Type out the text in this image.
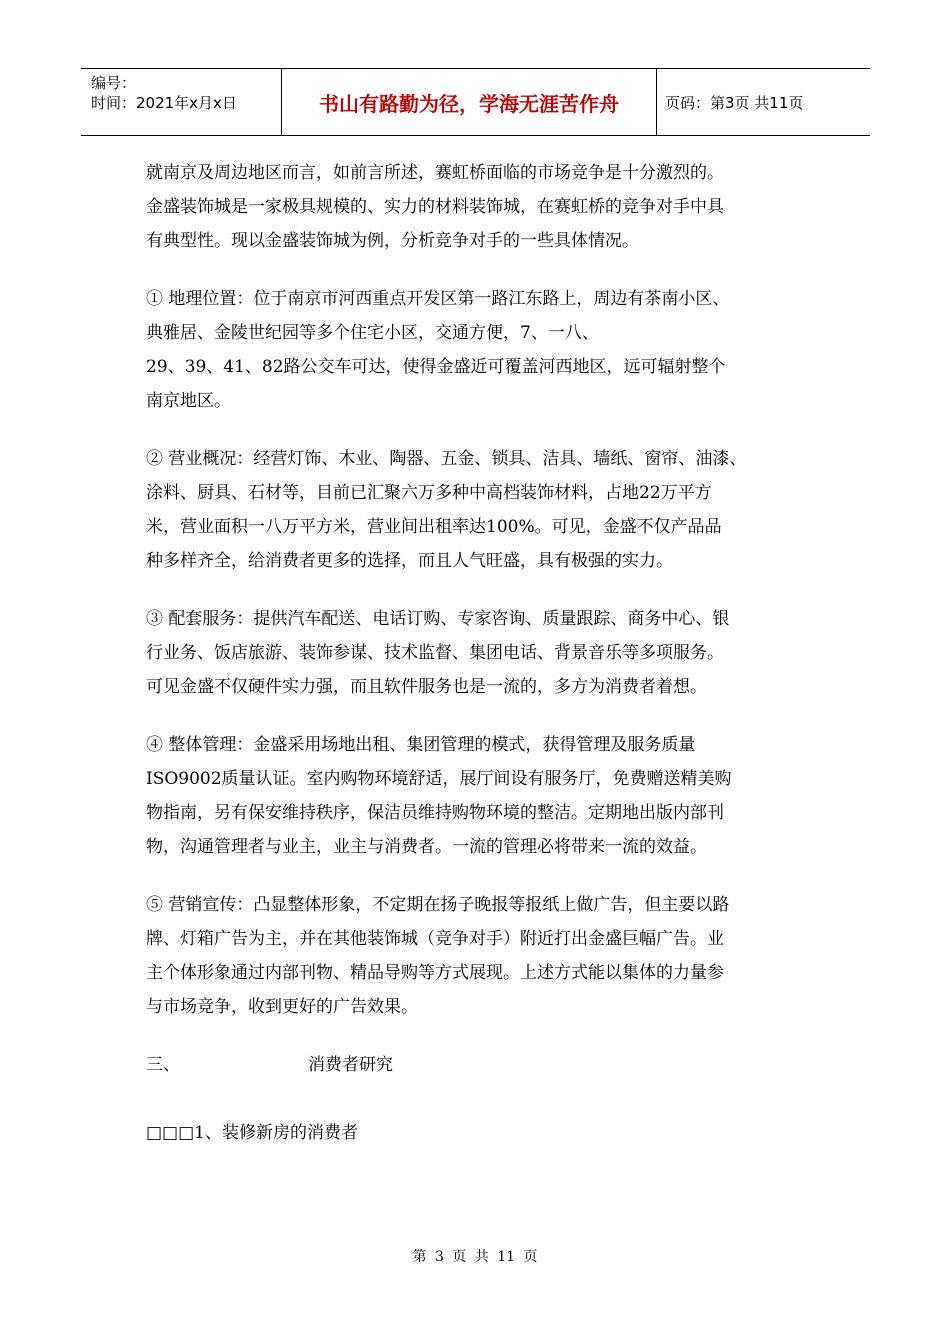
编号：
时间：2021年x月x日	书山有路勤为径，学海无涯苦作舟	页码：第3页 共11页

就南京及周边地区而言，如前言所述，赛虹桥面临的市场竞争是十分激烈的。
金盛装饰城是一家极具规模的、实力的材料装饰城，在赛虹桥的竞争对手中具
有典型性。现以金盛装饰城为例，分析竞争对手的一些具体情况。

① 地理位置：位于南京市河西重点开发区第一路江东路上，周边有茶南小区、
典雅居、金陵世纪园等多个住宅小区，交通方便，7、一八、
29、39、41、82路公交车可达，使得金盛近可覆盖河西地区，远可辐射整个
南京地区。

② 营业概况：经营灯饰、木业、陶器、五金、锁具、洁具、墙纸、窗帘、油漆、
涂料、厨具、石材等，目前已汇聚六万多种中高档装饰材料，占地22万平方
米，营业面积一八万平方米，营业间出租率达100%。可见，金盛不仅产品品
种多样齐全，给消费者更多的选择，而且人气旺盛，具有极强的实力。

③ 配套服务：提供汽车配送、电话订购、专家咨询、质量跟踪、商务中心、银
行业务、饭店旅游、装饰参谋、技术监督、集团电话、背景音乐等多项服务。
可见金盛不仅硬件实力强，而且软件服务也是一流的，多方为消费者着想。

④ 整体管理：金盛采用场地出租、集团管理的模式，获得管理及服务质量
ISO9002质量认证。室内购物环境舒适，展厅间设有服务厅，免费赠送精美购
物指南，另有保安维持秩序，保洁员维持购物环境的整洁。定期地出版内部刊
物，沟通管理者与业主，业主与消费者。一流的管理必将带来一流的效益。

⑤ 营销宣传：凸显整体形象，不定期在扬子晚报等报纸上做广告，但主要以路
牌、灯箱广告为主，并在其他装饰城（竞争对手）附近打出金盛巨幅广告。业
主个体形象通过内部刊物、精品导购等方式展现。上述方式能以集体的力量参
与市场竞争，收到更好的广告效果。

三、	消费者研究
□□□1、装修新房的消费者
第 3 页 共 11 页
